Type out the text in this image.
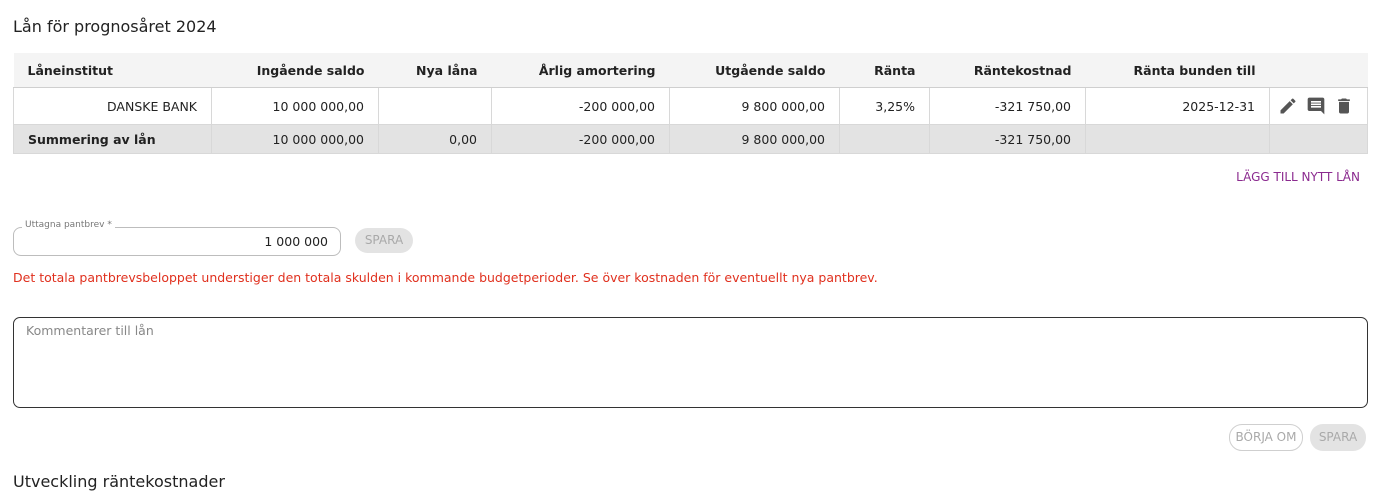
Lån för prognosåret 2024
Låneinstitut	Ingående saldo	Nya låna	Årlig amortering	Utgående saldo	Ränta	Räntekostnad	Ränta bunden till	
DANSKE BANK	10 000 000,00		-200 000,00	9 800 000,00	3,25%	-321 750,00	2025-12-31	
Summering av lån	10 000 000,00	0,00	-200 000,00	9 800 000,00		-321 750,00		
LÄGG TILL NYTT LÅN
Uttagna pantbrev *
1 000 000	SPARA
Det totala pantbrevsbeloppet understiger den totala skulden i kommande budgetperioder. Se över kostnaden för eventuellt nya pantbrev.
Kommentarer till lån
BÖRJA OM	SPARA
Utveckling räntekostnader
